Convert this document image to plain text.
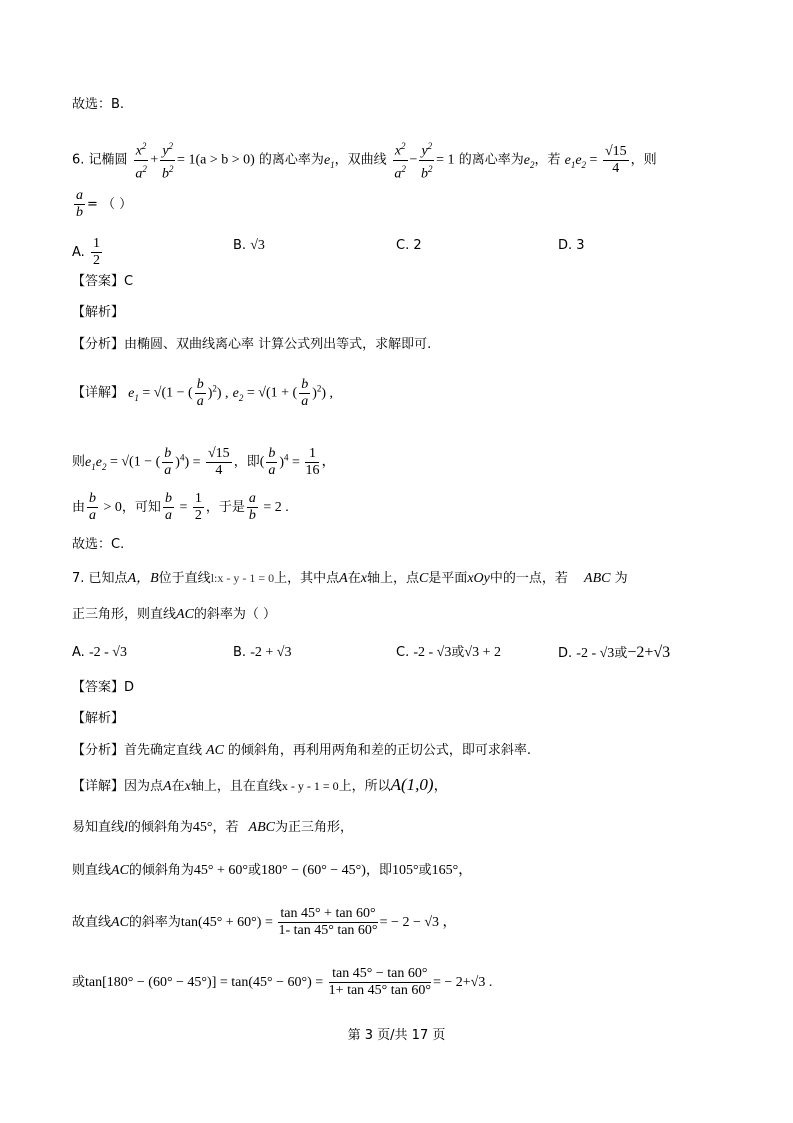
故选：B.
6. 记椭圆 $\frac{x^2}{a^2} + \frac{y^2}{b^2} = 1(a > b > 0)$ 的离心率为$e_1$，双曲线 $\frac{x^2}{a^2} - \frac{y^2}{b^2} = 1$ 的离心率为$e_2$，若 $e_1e_2 = \frac{√15}{4}$ ，则
$\frac{a}{b}$ = （ ）
A. $\frac{1}{2}$	B. √3	C. 2	D. 3
【答案】C
【解析】
【分析】由椭圆、双曲线离心率 计算公式列出等式，求解即可.
【详解】 $e_1 = √(1$ − ( $\frac{b}{a} )^2$) , $e_2 = √(1$ + ( $\frac{b}{a} )^2$) ,
则$e_1e_2 = √(1$ − ( $\frac{b}{a} )^4) = \frac{√15}{4}$ ，即( $\frac{b}{a} )^4 = \frac{1}{16}$ ，
由 $\frac{b}{a} > 0$，可知 $\frac{b}{a} = \frac{1}{2}$ ，于是 $\frac{a}{b} = 2$ .
故选：C.
7. 已知点A，B位于直线l:x - y - 1 = 0上，其中点A在x轴上，点C是平面xOy中的一点，若 ABC 为
正三角形，则直线AC的斜率为（ ）
A. -2 - √3	B. -2 + √3	C. -2 - √3或√3 + 2	D. -2 - √3或−2+√3
【答案】D
【解析】
【分析】首先确定直线 AC 的倾斜角，再利用两角和差的正切公式，即可求斜率.
【详解】因为点A在x轴上，且在直线x - y - 1 = 0上，所以A(1,0)，
易知直线l的倾斜角为45°，若 ABC为正三角形，
则直线AC的倾斜角为45° + 60°或180° − (60° − 45°)，即105°或165°，
故直线AC的斜率为$\tan(45^\circ + 60^\circ) = \frac{\tan 45^\circ + \tan 60^\circ}{1- \tan 45^\circ \tan 60^\circ}$ = − 2 − √3 ，
或$\tan[180^\circ - (60^\circ - 45^\circ)] = \tan(45^\circ - 60^\circ) = \frac{\tan 45^\circ - \tan 60^\circ}{1+ \tan 45^\circ \tan 60^\circ}$ = − 2+√3 .
第 3 页/共 17 页
